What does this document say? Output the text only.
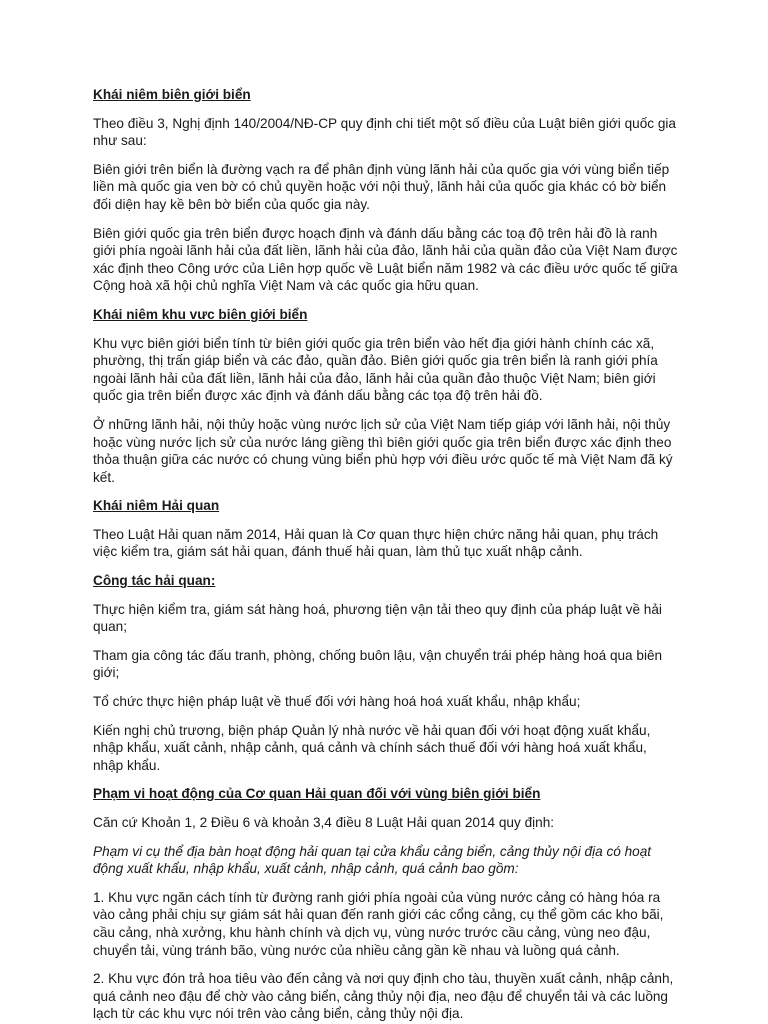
Khái niêm biên giới biển

Theo điều 3, Nghị định 140/2004/NĐ-CP quy định chi tiết một số điều của Luật biên giới quốc gia như sau:

Biên giới trên biển là đường vạch ra để phân định vùng lãnh hải của quốc gia với vùng biển tiếp liền mà quốc gia ven bờ có chủ quyền hoặc với nội thuỷ, lãnh hải của quốc gia khác có bờ biển đối diện hay kề bên bờ biển của quốc gia này.

Biên giới quốc gia trên biển được hoạch định và đánh dấu bằng các toạ độ trên hải đồ là ranh giới phía ngoài lãnh hải của đất liền, lãnh hải của đảo, lãnh hải của quần đảo của Việt Nam được xác định theo Công ước của Liên hợp quốc về Luật biển năm 1982 và các điều ước quốc tế giữa Cộng hoà xã hội chủ nghĩa Việt Nam và các quốc gia hữu quan.

Khái niêm khu vưc biên giới biển

Khu vực biên giới biển tính từ biên giới quốc gia trên biển vào hết địa giới hành chính các xã, phường, thị trấn giáp biển và các đảo, quần đảo. Biên giới quốc gia trên biển là ranh giới phía ngoài lãnh hải của đất liền, lãnh hải của đảo, lãnh hải của quần đảo thuộc Việt Nam; biên giới quốc gia trên biển được xác định và đánh dấu bằng các tọa độ trên hải đồ.

Ở những lãnh hải, nội thủy hoặc vùng nước lịch sử của Việt Nam tiếp giáp với lãnh hải, nội thủy hoặc vùng nước lịch sử của nước láng giềng thì biên giới quốc gia trên biển được xác định theo thỏa thuận giữa các nước có chung vùng biển phù hợp với điều ước quốc tế mà Việt Nam đã ký kết.

Khái niêm Hải quan

Theo Luật Hải quan năm 2014, Hải quan là Cơ quan thực hiện chức năng hải quan, phụ trách việc kiểm tra, giám sát hải quan, đánh thuế hải quan, làm thủ tục xuất nhập cảnh.

Công tác hải quan:

Thực hiện kiểm tra, giám sát hàng hoá, phương tiện vận tải theo quy định của pháp luật về hải quan;

Tham gia công tác đấu tranh, phòng, chống buôn lậu, vận chuyển trái phép hàng hoá qua biên giới;

Tổ chức thực hiện pháp luật về thuế đối với hàng hoá hoá xuất khẩu, nhập khẩu;

Kiến nghị chủ trương, biện pháp Quản lý nhà nước về hải quan đối với hoạt động xuất khẩu, nhập khẩu, xuất cảnh, nhập cảnh, quá cảnh và chính sách thuế đối với hàng hoá xuất khẩu, nhập khẩu.

Phạm vi hoạt động của Cơ quan Hải quan đối với vùng biên giới biển

Căn cứ Khoản 1, 2 Điều 6 và khoản 3,4 điều 8 Luật Hải quan 2014 quy định:

Phạm vi cụ thể địa bàn hoạt động hải quan tại cửa khẩu cảng biển, cảng thủy nội địa có hoạt động xuất khẩu, nhập khẩu, xuất cảnh, nhập cảnh, quá cảnh bao gồm:

1. Khu vực ngăn cách tính từ đường ranh giới phía ngoài của vùng nước cảng có hàng hóa ra vào cảng phải chịu sự giám sát hải quan đến ranh giới các cổng cảng, cụ thể gồm các kho bãi, cầu cảng, nhà xưởng, khu hành chính và dịch vụ, vùng nước trước cầu cảng, vùng neo đậu, chuyển tải, vùng tránh bão, vùng nước của nhiều cảng gần kề nhau và luồng quá cảnh.

2. Khu vực đón trả hoa tiêu vào đến cảng và nơi quy định cho tàu, thuyền xuất cảnh, nhập cảnh, quá cảnh neo đậu để chờ vào cảng biển, cảng thủy nội địa, neo đậu để chuyển tải và các luồng lạch từ các khu vực nói trên vào cảng biển, cảng thủy nội địa.
